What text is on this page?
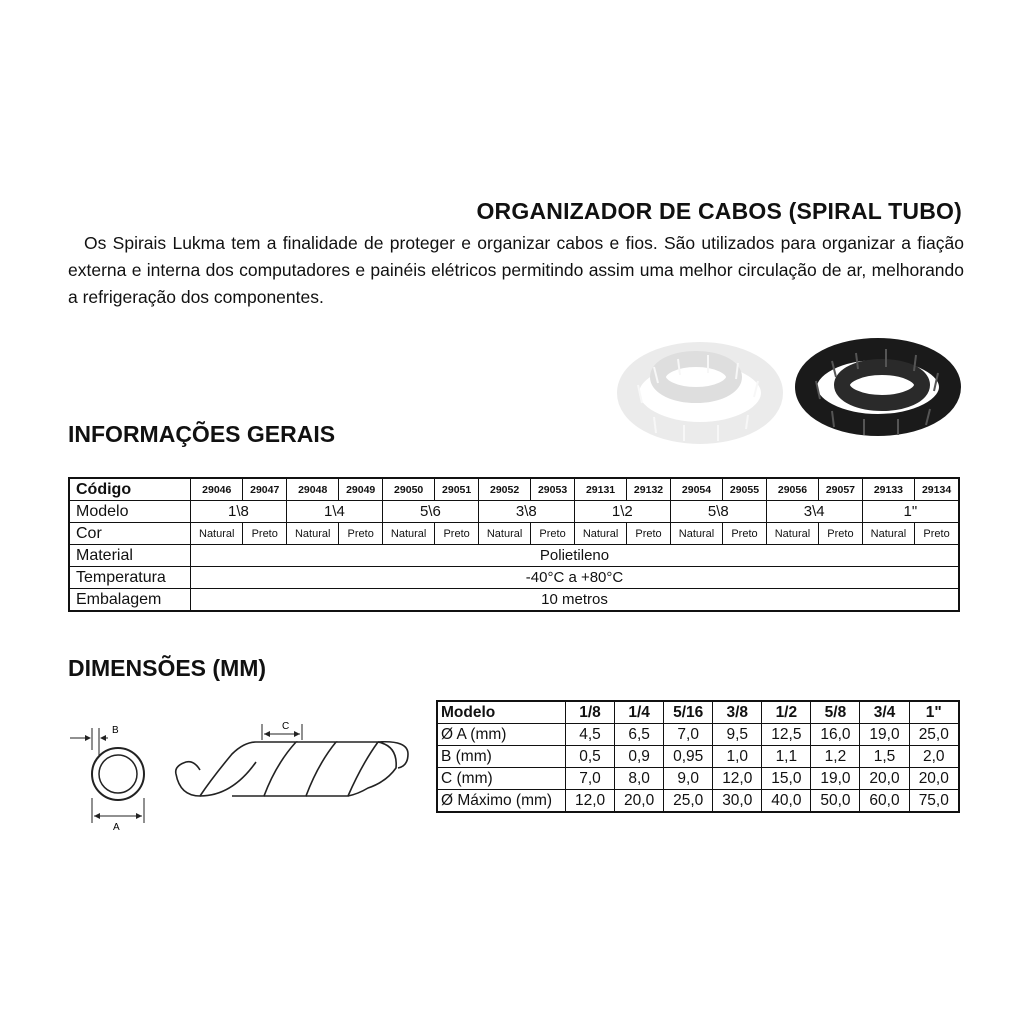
ORGANIZADOR DE CABOS (SPIRAL TUBO)
Os Spirais Lukma tem a finalidade de proteger e organizar cabos e fios. São utilizados para organizar a fiação externa e interna dos computadores e painéis elétricos permitindo assim uma melhor circulação de ar, melhorando a refrigeração dos componentes.
INFORMAÇÕES GERAIS
Código	29046	29047	29048	29049	29050	29051	29052	29053	29131	29132	29054	29055	29056	29057	29133	29134
Modelo	1\8		1\4		5\6		3\8		1\2		5\8		3\4		1"	
Cor	Natural	Preto	Natural	Preto	Natural	Preto	Natural	Preto	Natural	Preto	Natural	Preto	Natural	Preto	Natural	Preto
Material	Polietileno															
Temperatura	-40°C a +80°C															
Embalagem	10 metros															
DIMENSÕES (MM)
B
A
C
Modelo	1/8	1/4	5/16	3/8	1/2	5/8	3/4	1"
Ø A (mm)	4,5	6,5	7,0	9,5	12,5	16,0	19,0	25,0
B (mm)	0,5	0,9	0,95	1,0	1,1	1,2	1,5	2,0
C (mm)	7,0	8,0	9,0	12,0	15,0	19,0	20,0	20,0
Ø Máximo (mm)	12,0	20,0	25,0	30,0	40,0	50,0	60,0	75,0
